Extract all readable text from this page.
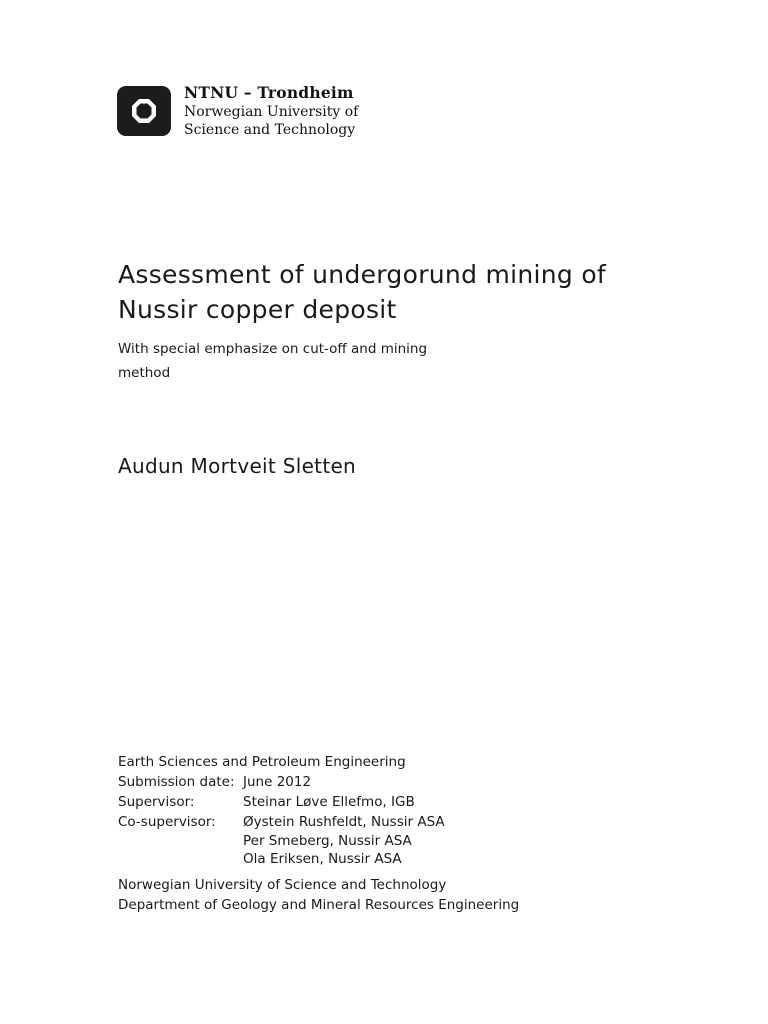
NTNU – Trondheim
Norwegian University of
Science and Technology
Assessment of undergorund mining of Nussir copper deposit

With special emphasize on cut-off and mining method

Audun Mortveit Sletten

Earth Sciences and Petroleum Engineering
Submission date: June 2012
Supervisor:	Steinar Løve Ellefmo, IGB
Co-supervisor: Øystein Rushfeldt, Nussir ASA
Per Smeberg, Nussir ASA
Ola Eriksen, Nussir ASA
Norwegian University of Science and Technology
Department of Geology and Mineral Resources Engineering
